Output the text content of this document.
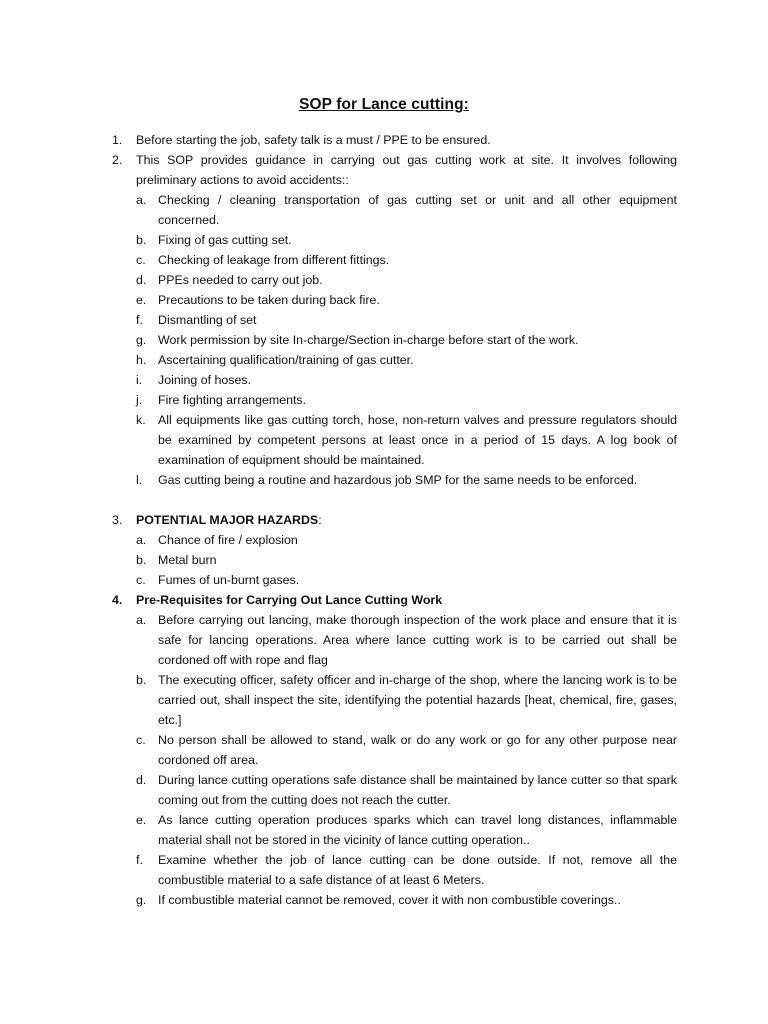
SOP for Lance cutting:
1.	Before starting the job, safety talk is a must / PPE to be ensured.
2.	This SOP provides guidance in carrying out gas cutting work at site. It involves following preliminary actions to avoid accidents::
a. Checking / cleaning transportation of gas cutting set or unit and all other equipment concerned.
b. Fixing of gas cutting set.
c. Checking of leakage from different fittings.
d. PPEs needed to carry out job.
e. Precautions to be taken during back fire.
f.	Dismantling of set
g. Work permission by site In-charge/Section in-charge before start of the work.
h. Ascertaining qualification/training of gas cutter.
i.	Joining of hoses.
j.	Fire fighting arrangements.
k. All equipments like gas cutting torch, hose, non-return valves and pressure regulators should be examined by competent persons at least once in a period of 15 days. A log book of examination of equipment should be maintained.
l.	Gas cutting being a routine and hazardous job SMP for the same needs to be enforced.
3.	POTENTIAL MAJOR HAZARDS:
a. Chance of fire / explosion
b. Metal burn
c. Fumes of un-burnt gases.
4.	Pre-Requisites for Carrying Out Lance Cutting Work
a. Before carrying out lancing, make thorough inspection of the work place and ensure that it is safe for lancing operations. Area where lance cutting work is to be carried out shall be cordoned off with rope and flag
b. The executing officer, safety officer and in-charge of the shop, where the lancing work is to be carried out, shall inspect the site, identifying the potential hazards [heat, chemical, fire, gases, etc.]
c. No person shall be allowed to stand, walk or do any work or go for any other purpose near cordoned off area.
d. During lance cutting operations safe distance shall be maintained by lance cutter so that spark coming out from the cutting does not reach the cutter.
e. As lance cutting operation produces sparks which can travel long distances, inflammable material shall not be stored in the vicinity of lance cutting operation..
f.	Examine whether the job of lance cutting can be done outside. If not, remove all the combustible material to a safe distance of at least 6 Meters.
g. If combustible material cannot be removed, cover it with non combustible coverings..
